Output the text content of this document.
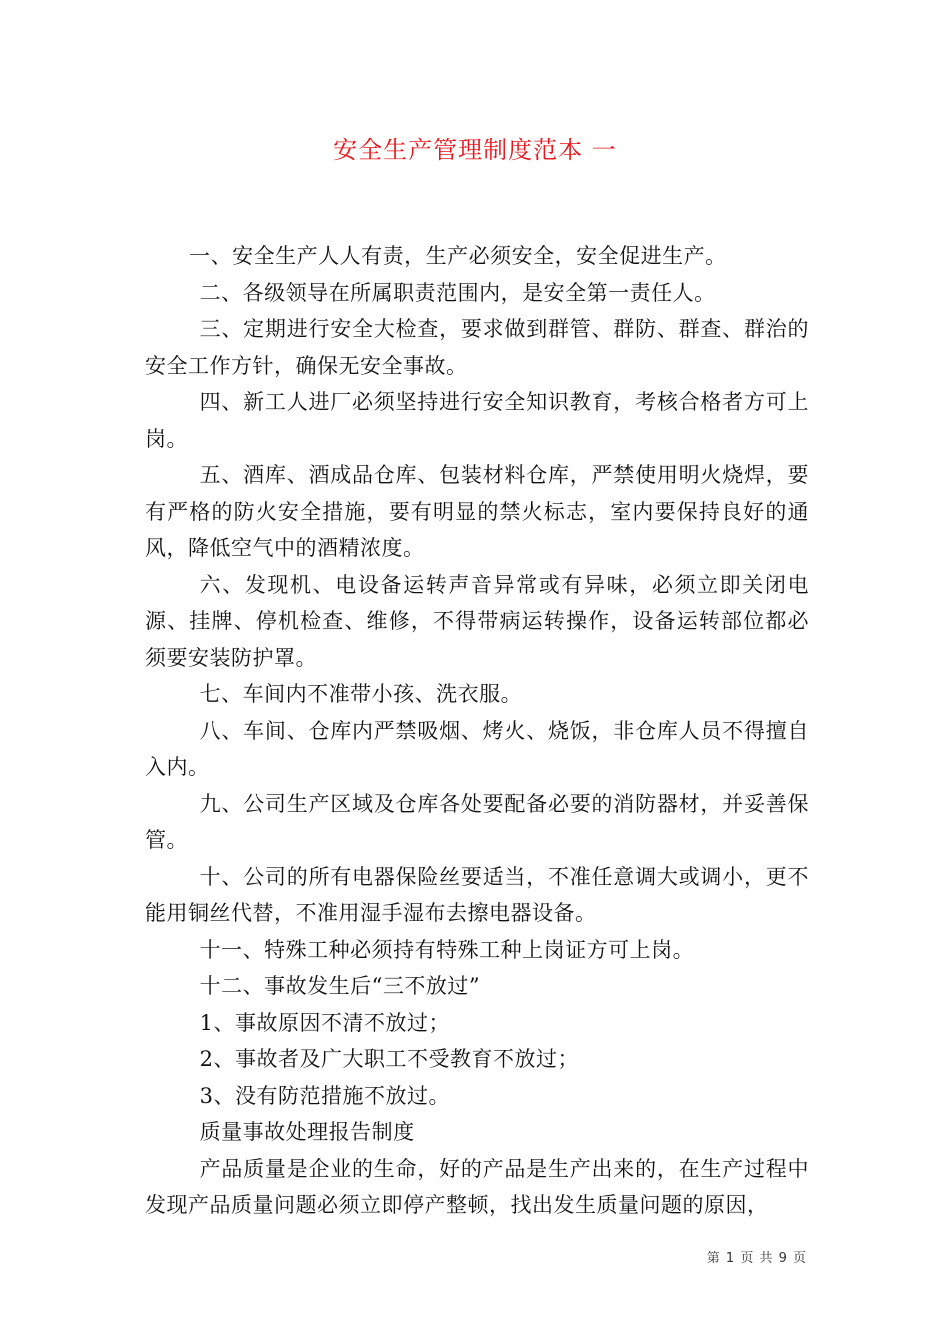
安全生产管理制度范本 一

一、安全生产人人有责，生产必须安全，安全促进生产。

二、各级领导在所属职责范围内，是安全第一责任人。

三、定期进行安全大检查，要求做到群管、群防、群查、群治的安全工作方针，确保无安全事故。

四、新工人进厂必须坚持进行安全知识教育，考核合格者方可上岗。

五、酒库、酒成品仓库、包装材料仓库，严禁使用明火烧焊，要有严格的防火安全措施，要有明显的禁火标志，室内要保持良好的通风，降低空气中的酒精浓度。

六、发现机、电设备运转声音异常或有异味，必须立即关闭电源、挂牌、停机检查、维修，不得带病运转操作，设备运转部位都必须要安装防护罩。

七、车间内不准带小孩、洗衣服。

八、车间、仓库内严禁吸烟、烤火、烧饭，非仓库人员不得擅自入内。

九、公司生产区域及仓库各处要配备必要的消防器材，并妥善保管。

十、公司的所有电器保险丝要适当，不准任意调大或调小，更不能用铜丝代替，不准用湿手湿布去擦电器设备。

十一、特殊工种必须持有特殊工种上岗证方可上岗。

十二、事故发生后“三不放过”

1、事故原因不清不放过；

2、事故者及广大职工不受教育不放过；

3、没有防范措施不放过。

质量事故处理报告制度

产品质量是企业的生命，好的产品是生产出来的，在生产过程中发现产品质量问题必须立即停产整顿，找出发生质量问题的原因，

第 1 页 共 9 页
